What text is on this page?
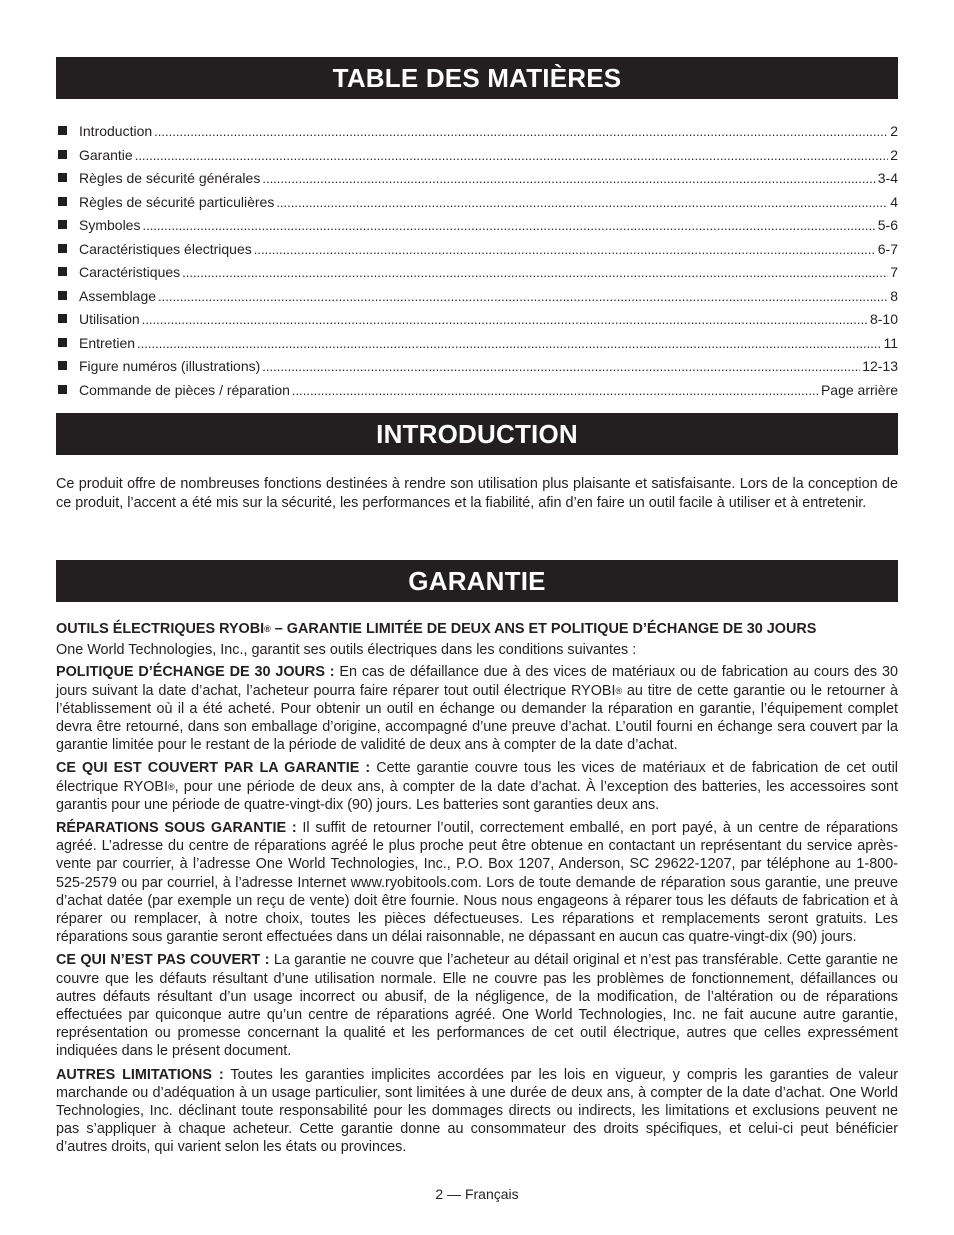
TABLE DES MATIÈRES
Introduction .....	2
Garantie .....	2
Règles de sécurité générales .....	3-4
Règles de sécurité particulières .....	4
Symboles .....	5-6
Caractéristiques électriques .....	6-7
Caractéristiques .....	7
Assemblage .....	8
Utilisation .....	8-10
Entretien .....	11
Figure numéros (illustrations) .....	12-13
Commande de pièces / réparation .....	Page arrière
INTRODUCTION

Ce produit offre de nombreuses fonctions destinées à rendre son utilisation plus plaisante et satisfaisante. Lors de la conception de ce produit, l’accent a été mis sur la sécurité, les performances et la fiabilité, afin d’en faire un outil facile à utiliser et à entretenir.

GARANTIE

OUTILS ÉLECTRIQUES RYOBI® – GARANTIE LIMITÉE DE DEUX ANS ET POLITIQUE D’ÉCHANGE DE 30 JOURS

One World Technologies, Inc., garantit ses outils électriques dans les conditions suivantes :

POLITIQUE D’ÉCHANGE DE 30 JOURS : En cas de défaillance due à des vices de matériaux ou de fabrication au cours des 30 jours suivant la date d’achat, l’acheteur pourra faire réparer tout outil électrique RYOBI® au titre de cette garantie ou le retourner à l’établissement où il a été acheté. Pour obtenir un outil en échange ou demander la réparation en garantie, l’équipement complet devra être retourné, dans son emballage d’origine, accompagné d’une preuve d’achat. L’outil fourni en échange sera couvert par la garantie limitée pour le restant de la période de validité de deux ans à compter de la date d’achat.

CE QUI EST COUVERT PAR LA GARANTIE : Cette garantie couvre tous les vices de matériaux et de fabrication de cet outil électrique RYOBI®, pour une période de deux ans, à compter de la date d’achat. À l’exception des batteries, les accessoires sont garantis pour une période de quatre-vingt-dix (90) jours. Les batteries sont garanties deux ans.

RÉPARATIONS SOUS GARANTIE : Il suffit de retourner l’outil, correctement emballé, en port payé, à un centre de réparations agréé. L’adresse du centre de réparations agréé le plus proche peut être obtenue en contactant un représentant du service après-vente par courrier, à l’adresse One World Technologies, Inc., P.O. Box 1207, Anderson, SC 29622-1207, par téléphone au 1-800-525-2579 ou par courriel, à l’adresse Internet www.ryobitools.com. Lors de toute demande de réparation sous garantie, une preuve d’achat datée (par exemple un reçu de vente) doit être fournie. Nous nous engageons à réparer tous les défauts de fabrication et à réparer ou remplacer, à notre choix, toutes les pièces défectueuses. Les réparations et remplacements seront gratuits. Les réparations sous garantie seront effectuées dans un délai raisonnable, ne dépassant en aucun cas quatre-vingt-dix (90) jours.

CE QUI N’EST PAS COUVERT : La garantie ne couvre que l’acheteur au détail original et n’est pas transférable. Cette garantie ne couvre que les défauts résultant d’une utilisation normale. Elle ne couvre pas les problèmes de fonctionnement, défaillances ou autres défauts résultant d’un usage incorrect ou abusif, de la négligence, de la modification, de l’altération ou de réparations effectuées par quiconque autre qu’un centre de réparations agréé. One World Technologies, Inc. ne fait aucune autre garantie, représentation ou promesse concernant la qualité et les performances de cet outil électrique, autres que celles expressément indiquées dans le présent document.

AUTRES LIMITATIONS : Toutes les garanties implicites accordées par les lois en vigueur, y compris les garanties de valeur marchande ou d’adéquation à un usage particulier, sont limitées à une durée de deux ans, à compter de la date d’achat. One World Technologies, Inc. déclinant toute responsabilité pour les dommages directs ou indirects, les limitations et exclusions peuvent ne pas s’appliquer à chaque acheteur. Cette garantie donne au consommateur des droits spécifiques, et celui-ci peut bénéficier d’autres droits, qui varient selon les états ou provinces.

2 — Français
